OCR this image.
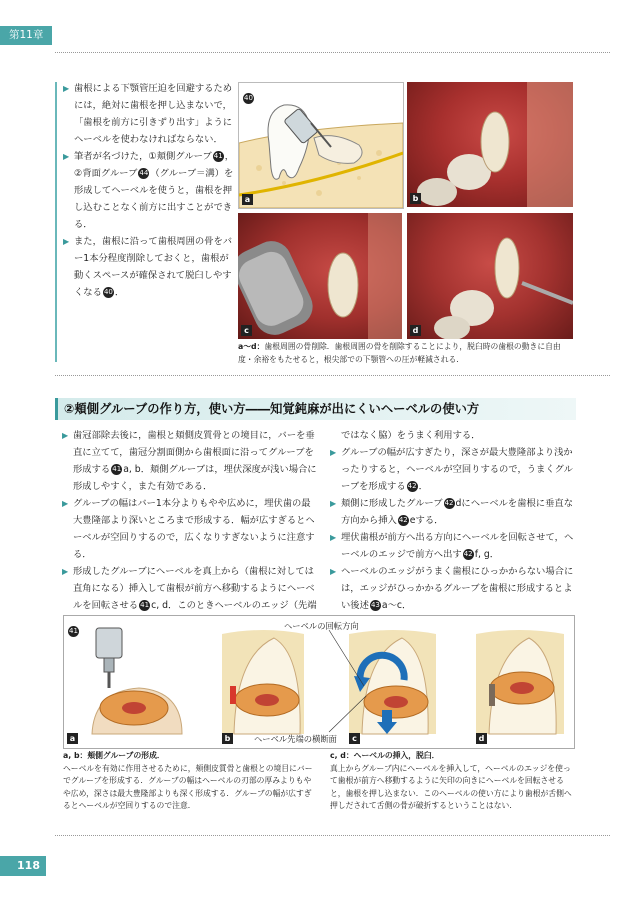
第11章

▶ 歯根による下顎管圧迫を回避するためには，絶対に歯根を押し込まないで，「歯根を前方に引きずり出す」ようにヘーベルを使わなければならない．

▶ 筆者が名づけた，①頬側グルーブ 41 ，②背面グルーブ 44 （グルーブ＝溝）を形成してヘーベルを使うと，歯根を押し込むことなく前方に出すことができる．

▶ また，歯根に沿って歯根周囲の骨をバー1本分程度削除しておくと，歯根が動くスペースが確保されて脱臼しやすくなる 40 ．

40
a	b
c	d
a～d：歯根周囲の骨削除．歯根周囲の骨を削除することにより，脱臼時の歯根の動きに自由度・余裕をもたせると，根尖部での下顎管への圧が軽減される．
②頬側グルーブの作り方，使い方――知覚鈍麻が出にくいヘーベルの使い方

▶ 歯冠部除去後に，歯根と頬側皮質骨との境目に，バーを垂直に立てて，歯冠分割面側から歯根面に沿ってグルーブを形成する 41 a, b．頬側グルーブは，埋伏深度が浅い場合に形成しやすく，また有効である．

▶ グルーブの幅はバー1本分よりもやや広めに，埋伏歯の最大豊隆部より深いところまで形成する．幅が広すぎるとヘーベルが空回りするので，広くなりすぎないように注意する．

▶ 形成したグルーブにヘーベルを真上から（歯根に対しては直角になる）挿入して歯根が前方へ移動するようにヘーベルを回転させる 41 c, d．このときヘーベルのエッジ（先端

ではなく脇）をうまく利用する．

▶ グルーブの幅が広すぎたり，深さが最大豊隆部より浅かったりすると，ヘーベルが空回りするので，うまくグルーブを形成する 42 ．

▶ 頬側に形成したグルーブ 42 dにヘーベルを歯根に垂直な方向から挿入 42 eする．

▶ 埋伏歯根が前方へ出る方向にヘーベルを回転させて，ヘーベルのエッジで前方へ出す 42 f, g．

▶ ヘーベルのエッジがうまく歯根にひっかからない場合には，エッジがひっかかるグルーブを歯根に形成するとよい後述 43 a～c．

41	ヘーベルの回転方向
ヘーベル先端の横断面
a	b	c	d
a, b：頬側グルーブの形成．
ヘーベルを有効に作用させるために，頬側皮質骨と歯根との境目にバーでグルーブを形成する．グルーブの幅はヘーベルの刃部の厚みよりもやや広め，深さは最大豊隆部よりも深く形成する．グルーブの幅が広すぎるとヘーベルが空回りするので注意．
c, d：ヘーベルの挿入，脱臼．
真上からグルーブ内にヘーベルを挿入して，ヘーベルのエッジを使って歯根が前方へ移動するように矢印の向きにヘーベルを回転させると，歯根を押し込まない．このヘーベルの使い方により歯根が舌側へ押しだされて舌側の骨が破折するということはない．
118
